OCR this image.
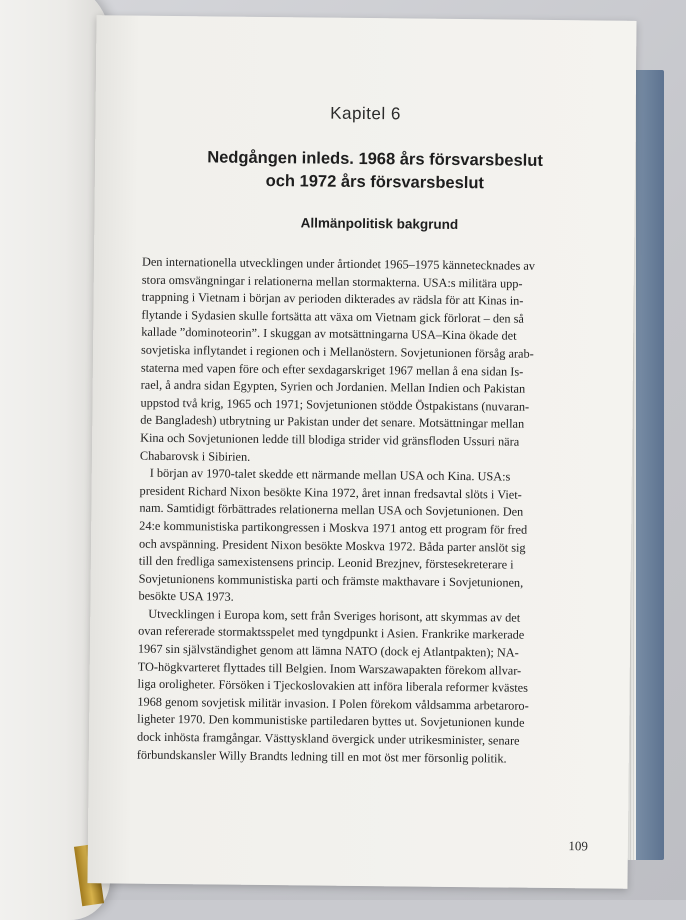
Kapitel 6
Nedgången inleds. 1968 års försvarsbeslut
och 1972 års försvarsbeslut
Allmänpolitisk bakgrund
Den internationella utvecklingen under årtiondet 1965–1975 kännetecknades av
stora omsvängningar i relationerna mellan stormakterna. USA:s militära upp-
trappning i Vietnam i början av perioden dikterades av rädsla för att Kinas in-
flytande i Sydasien skulle fortsätta att växa om Vietnam gick förlorat – den så
kallade ”dominoteorin”. I skuggan av motsättningarna USA–Kina ökade det
sovjetiska inflytandet i regionen och i Mellanöstern. Sovjetunionen försåg arab-
staterna med vapen före och efter sexdagarskriget 1967 mellan å ena sidan Is-
rael, å andra sidan Egypten, Syrien och Jordanien. Mellan Indien och Pakistan
uppstod två krig, 1965 och 1971; Sovjetunionen stödde Östpakistans (nuvaran-
de Bangladesh) utbrytning ur Pakistan under det senare. Motsättningar mellan
Kina och Sovjetunionen ledde till blodiga strider vid gränsfloden Ussuri nära
Chabarovsk i Sibirien.
I början av 1970-talet skedde ett närmande mellan USA och Kina. USA:s
president Richard Nixon besökte Kina 1972, året innan fredsavtal slöts i Viet-
nam. Samtidigt förbättrades relationerna mellan USA och Sovjetunionen. Den
24:e kommunistiska partikongressen i Moskva 1971 antog ett program för fred
och avspänning. President Nixon besökte Moskva 1972. Båda parter anslöt sig
till den fredliga samexistensens princip. Leonid Brezjnev, förstesekreterare i
Sovjetunionens kommunistiska parti och främste makthavare i Sovjetunionen,
besökte USA 1973.
Utvecklingen i Europa kom, sett från Sveriges horisont, att skymmas av det
ovan refererade stormaktsspelet med tyngdpunkt i Asien. Frankrike markerade
1967 sin självständighet genom att lämna NATO (dock ej Atlantpakten); NA-
TO-högkvarteret flyttades till Belgien. Inom Warszawapakten förekom allvar-
liga oroligheter. Försöken i Tjeckoslovakien att införa liberala reformer kvästes
1968 genom sovjetisk militär invasion. I Polen förekom våldsamma arbetaroro-
ligheter 1970. Den kommunistiske partiledaren byttes ut. Sovjetunionen kunde
dock inhösta framgångar. Västtyskland övergick under utrikesminister, senare
förbundskansler Willy Brandts ledning till en mot öst mer försonlig politik.
109
